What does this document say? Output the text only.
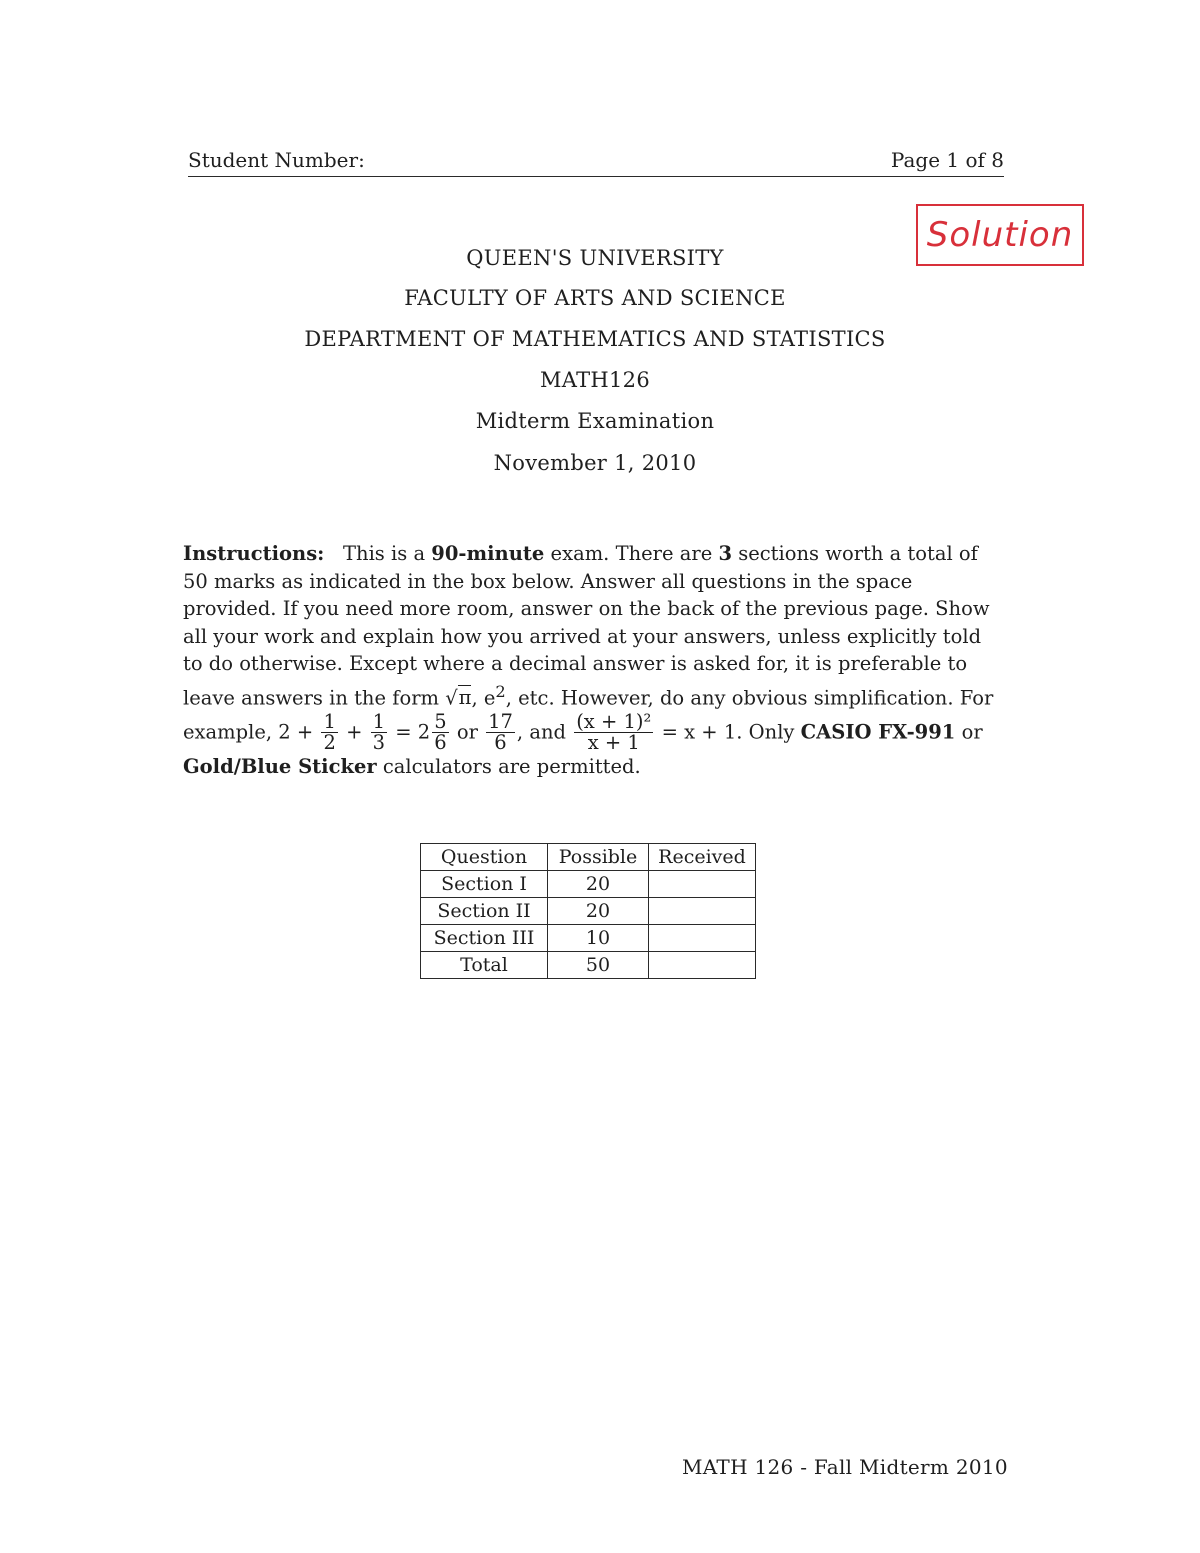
Student Number:	Page 1 of 8
Solution
QUEEN'S UNIVERSITY
FACULTY OF ARTS AND SCIENCE
DEPARTMENT OF MATHEMATICS AND STATISTICS
MATH126
Midterm Examination
November 1, 2010
Instructions: This is a 90-minute exam. There are 3 sections worth a total of 50 marks as indicated in the box below. Answer all questions in the space provided. If you need more room, answer on the back of the previous page. Show all your work and explain how you arrived at your answers, unless explicitly told to do otherwise. Except where a decimal answer is asked for, it is preferable to leave answers in the form √π, $e^2$, etc. However, do any obvious simplification. For example, $2 + \frac{1}{2} + \frac{1}{3} = 2 \frac{5}{6}$ or $\frac{17}{6}$ , and $\frac{\text{(x + 1)²}}{x + 1} = x + 1$. Only CASIO FX-991 or Gold/Blue Sticker calculators are permitted.
Question	Possible	Received
Section I	20	
Section II	20	
Section III	10	
Total	50	
MATH 126 - Fall Midterm 2010
